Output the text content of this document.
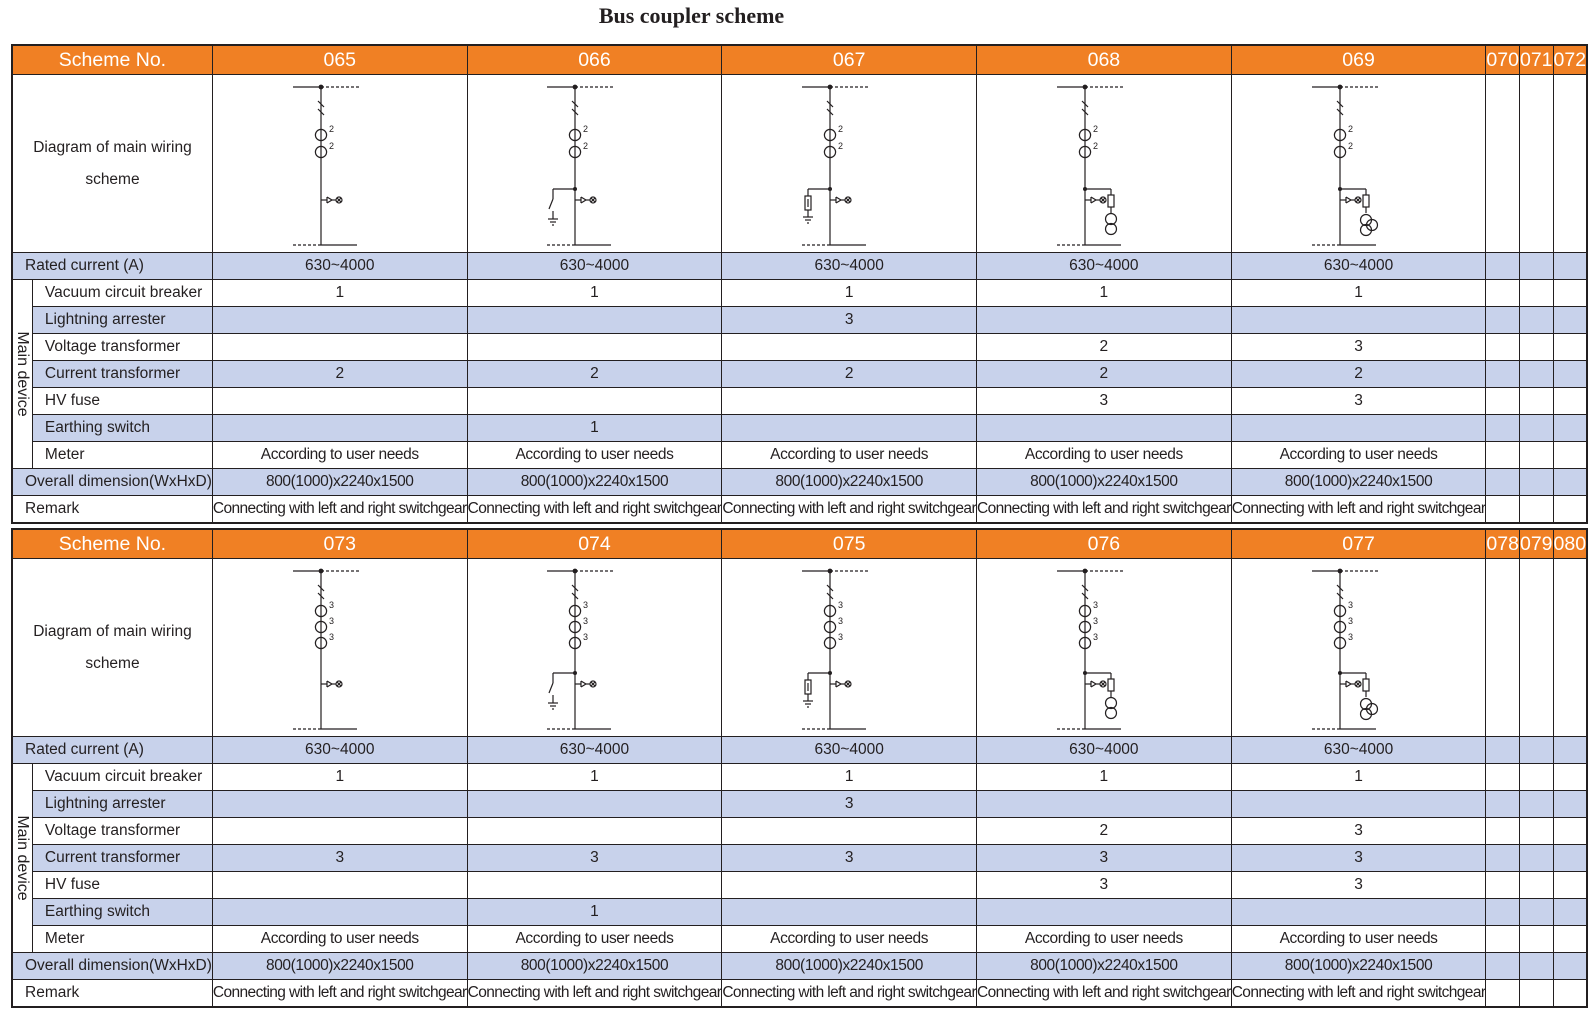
Bus coupler scheme
Scheme No.		065	066	067	068	069	070	071	072
Diagram of main wiring scheme		2
2	2
2	2
2	2
2	2
2			

Rated current (A)		630~4000	630~4000	630~4000	630~4000	630~4000			

Main device	Vacuum circuit breaker	1	1	1	1	1			
	Lightning arrester			3					
	Voltage transformer				2	3			
	Current transformer	2	2	2	2	2			
	HV fuse				3	3			
	Earthing switch		1						
	Meter	According to user needs	According to user needs	According to user needs	According to user needs	According to user needs			
Overall dimension(WxHxD)		800(1000)x2240x1500	800(1000)x2240x1500	800(1000)x2240x1500	800(1000)x2240x1500	800(1000)x2240x1500			
Remark		Connecting with left and right switchgear	Connecting with left and right switchgear	Connecting with left and right switchgear	Connecting with left and right switchgear	Connecting with left and right switchgear			
Scheme No.		073	074	075	076	077	078	079	080
Diagram of main wiring scheme		3
3
3	3
3
3	3
3
3	3
3
3	3
3
3			

Rated current (A)		630~4000	630~4000	630~4000	630~4000	630~4000			

Main device	Vacuum circuit breaker	1	1	1	1	1			
	Lightning arrester			3					
	Voltage transformer				2	3			
	Current transformer	3	3	3	3	3			
	HV fuse				3	3			
	Earthing switch		1						
	Meter	According to user needs	According to user needs	According to user needs	According to user needs	According to user needs			
Overall dimension(WxHxD)		800(1000)x2240x1500	800(1000)x2240x1500	800(1000)x2240x1500	800(1000)x2240x1500	800(1000)x2240x1500			
Remark		Connecting with left and right switchgear	Connecting with left and right switchgear	Connecting with left and right switchgear	Connecting with left and right switchgear	Connecting with left and right switchgear			
